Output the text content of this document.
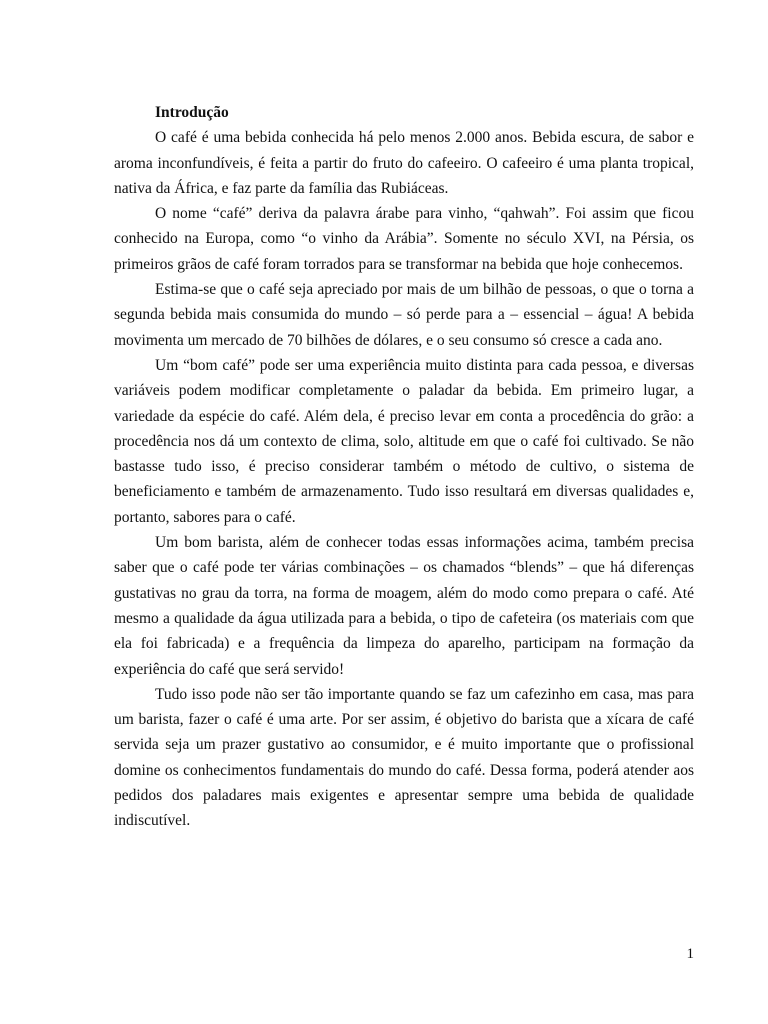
Introdução

O café é uma bebida conhecida há pelo menos 2.000 anos. Bebida escura, de sabor e aroma inconfundíveis, é feita a partir do fruto do cafeeiro. O cafeeiro é uma planta tropical, nativa da África, e faz parte da família das Rubiáceas.

O nome “café” deriva da palavra árabe para vinho, “qahwah”. Foi assim que ficou conhecido na Europa, como “o vinho da Arábia”. Somente no século XVI, na Pérsia, os primeiros grãos de café foram torrados para se transformar na bebida que hoje conhecemos.

Estima-se que o café seja apreciado por mais de um bilhão de pessoas, o que o torna a segunda bebida mais consumida do mundo – só perde para a – essencial – água! A bebida movimenta um mercado de 70 bilhões de dólares, e o seu consumo só cresce a cada ano.

Um “bom café” pode ser uma experiência muito distinta para cada pessoa, e diversas variáveis podem modificar completamente o paladar da bebida. Em primeiro lugar, a variedade da espécie do café. Além dela, é preciso levar em conta a procedência do grão: a procedência nos dá um contexto de clima, solo, altitude em que o café foi cultivado. Se não bastasse tudo isso, é preciso considerar também o método de cultivo, o sistema de beneficiamento e também de armazenamento. Tudo isso resultará em diversas qualidades e, portanto, sabores para o café.

Um bom barista, além de conhecer todas essas informações acima, também precisa saber que o café pode ter várias combinações – os chamados “blends” – que há diferenças gustativas no grau da torra, na forma de moagem, além do modo como prepara o café. Até mesmo a qualidade da água utilizada para a bebida, o tipo de cafeteira (os materiais com que ela foi fabricada) e a frequência da limpeza do aparelho, participam na formação da experiência do café que será servido!

Tudo isso pode não ser tão importante quando se faz um cafezinho em casa, mas para um barista, fazer o café é uma arte. Por ser assim, é objetivo do barista que a xícara de café servida seja um prazer gustativo ao consumidor, e é muito importante que o profissional domine os conhecimentos fundamentais do mundo do café. Dessa forma, poderá atender aos pedidos dos paladares mais exigentes e apresentar sempre uma bebida de qualidade indiscutível.

1
